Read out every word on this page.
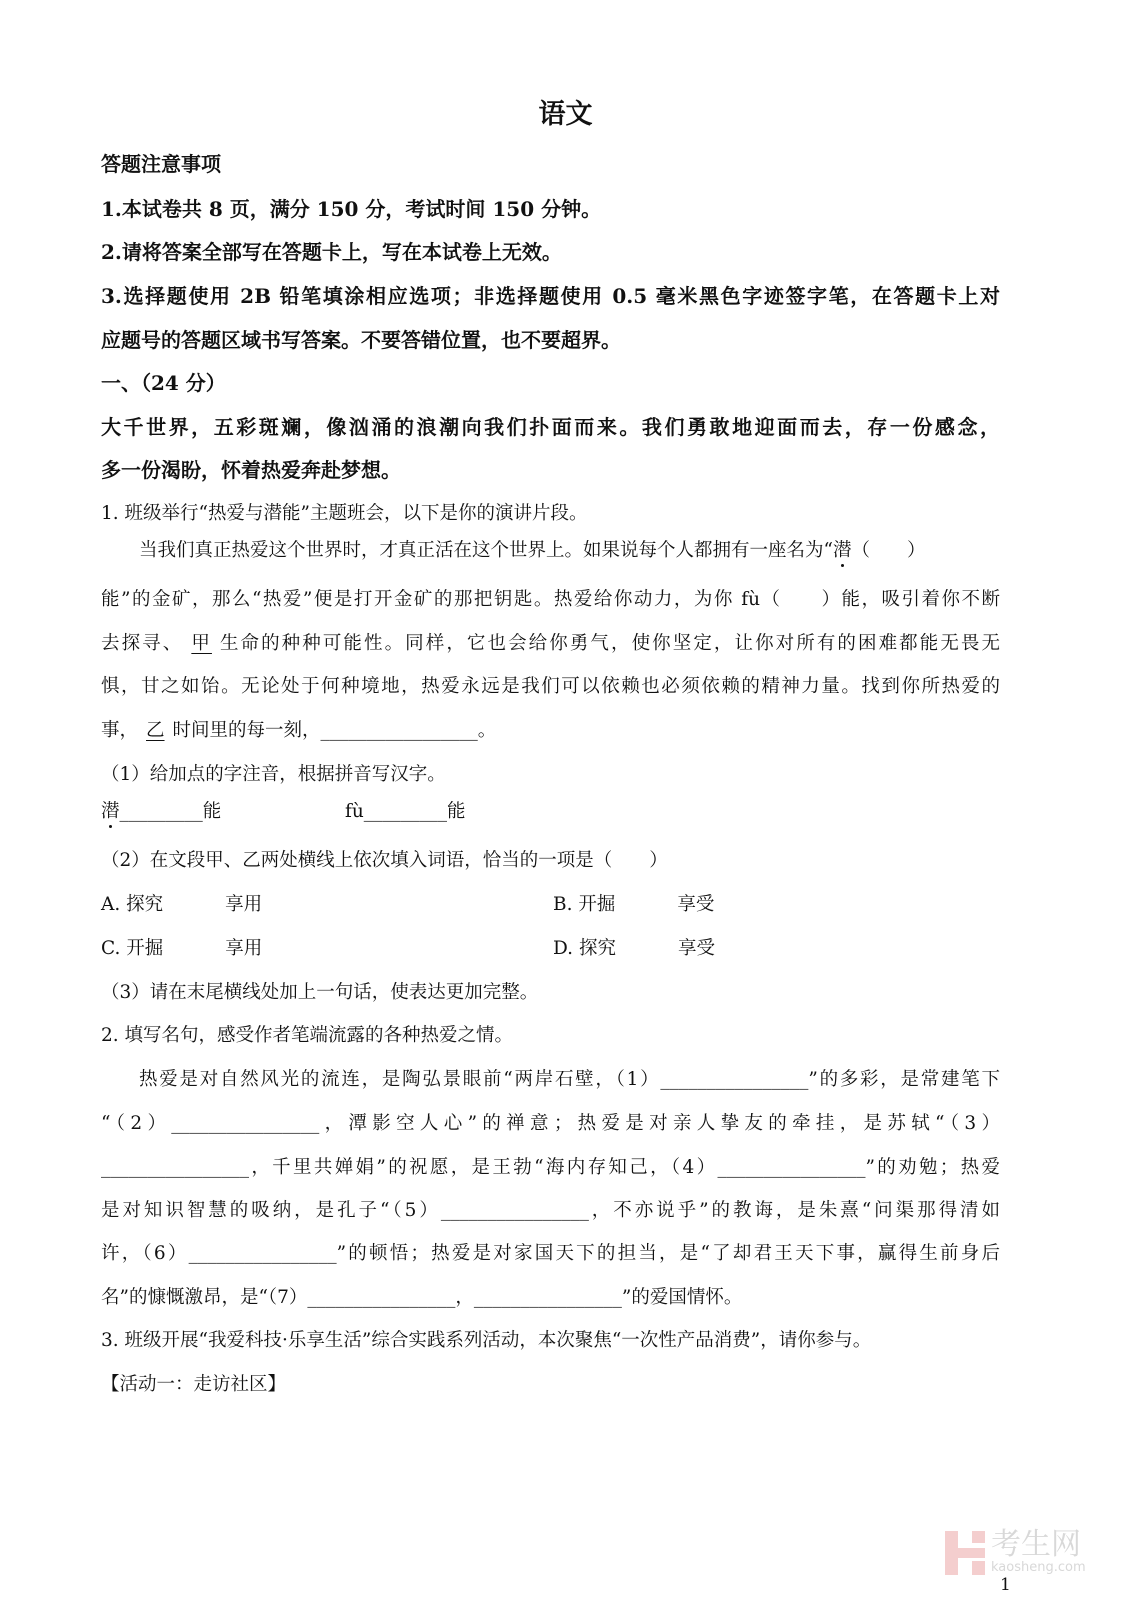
语文
答题注意事项
1.本试卷共 8 页，满分 150 分，考试时间 150 分钟。
2.请将答案全部写在答题卡上，写在本试卷上无效。
3.选择题使用 2B 铅笔填涂相应选项；非选择题使用 0.5 毫米黑色字迹签字笔，在答题卡上对
应题号的答题区域书写答案。不要答错位置，也不要超界。
一、（24 分）
大千世界，五彩斑斓，像汹涌的浪潮向我们扑面而来。我们勇敢地迎面而去，存一份感念，
多一份渴盼，怀着热爱奔赴梦想。
1. 班级举行“热爱与潜能”主题班会，以下是你的演讲片段。
当我们真正热爱这个世界时，才真正活在这个世界上。如果说每个人都拥有一座名为“潜（　　）
能”的金矿，那么“热爱”便是打开金矿的那把钥匙。热爱给你动力，为你 fù（　　）能，吸引着你不断
去探寻、 甲 生命的种种可能性。同样，它也会给你勇气，使你坚定，让你对所有的困难都能无畏无
惧，甘之如饴。无论处于何种境地，热爱永远是我们可以依赖也必须依赖的精神力量。找到你所热爱的
事， 乙 时间里的每一刻，_________________。
（1）给加点的字注音，根据拼音写汉字。
潜_________能	fù_________能
（2）在文段甲、乙两处横线上依次填入词语，恰当的一项是（　　）
A. 探究	享用	B. 开掘	享受
C. 开掘	享用	D. 探究	享受
（3）请在末尾横线处加上一句话，使表达更加完整。
2. 填写名句，感受作者笔端流露的各种热爱之情。
热爱是对自然风光的流连，是陶弘景眼前“两岸石壁，（1）________________”的多彩，是常建笔下
“（2）________________，潭影空人心”的禅意；热爱是对亲人挚友的牵挂，是苏轼“（3）
________________，千里共婵娟”的祝愿，是王勃“海内存知己，（4）________________”的劝勉；热爱
是对知识智慧的吸纳，是孔子“（5）________________，不亦说乎”的教诲，是朱熹“问渠那得清如
许，（6）________________”的顿悟；热爱是对家国天下的担当，是“了却君王天下事，赢得生前身后
名”的慷慨激昂，是“（7）________________，________________”的爱国情怀。
3. 班级开展“我爱科技·乐享生活”综合实践系列活动，本次聚焦“一次性产品消费”，请你参与。
【活动一：走访社区】
考生网
kaosheng.com
1
